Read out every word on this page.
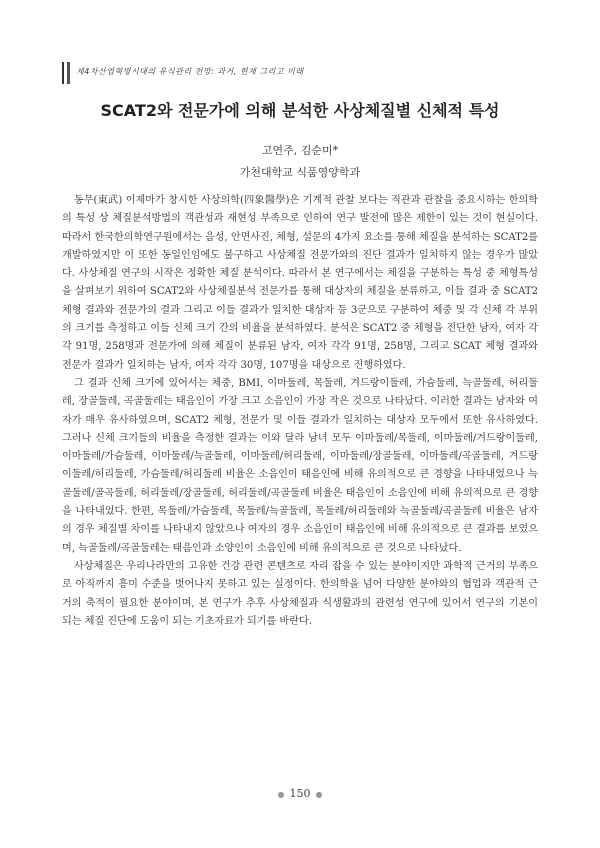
제4차산업혁명시대의 유식관리 전망: 과거, 현재 그리고 미래
SCAT2와 전문가에 의해 분석한 사상체질별 신체적 특성
고연주, 김순미*
가천대학교 식품영양학과

동무(東武) 이제마가 창시한 사상의학(四象醫學)은 기계적 관찰 보다는 직관과 관찰을 중요시하는 한의학의 특성 상 체질분석방법의 객관성과 재현성 부족으로 인하여 연구 발전에 많은 제한이 있는 것이 현실이다. 따라서 한국한의학연구원에서는 음성, 안면사진, 체형, 설문의 4가지 요소를 통해 체질을 분석하는 SCAT2를 개발하였지만 이 또한 동일인임에도 불구하고 사상체질 전문가와의 진단 결과가 일치하지 않는 경우가 많았다. 사상체질 연구의 시작은 정확한 체질 분석이다. 따라서 본 연구에서는 체질을 구분하는 특성 중 체형특성을 살펴보기 위하여 SCAT2와 사상체질분석 전문가를 통해 대상자의 체질을 분류하고, 이들 결과 중 SCAT2 체형 결과와 전문가의 결과 그리고 이들 결과가 일치한 대상자 등 3군으로 구분하여 체중 및 각 신체 각 부위의 크기를 측정하고 이들 신체 크기 간의 비율을 분석하였다. 분석은 SCAT2 중 체형을 진단한 남자, 여자 각각 91명, 258명과 전문가에 의해 체질이 분류된 남자, 여자 각각 91명, 258명, 그리고 SCAT 체형 결과와 전문가 결과가 일치하는 남자, 여자 각각 30명, 107명을 대상으로 진행하였다.

그 결과 신체 크기에 있어서는 체중, BMI, 이마둘레, 목둘레, 겨드랑이둘레, 가슴둘레, 늑골둘레, 허리둘레, 장골둘레, 곡골둘레는 태음인이 가장 크고 소음인이 가장 작은 것으로 나타났다. 이러한 결과는 남자와 여자가 매우 유사하였으며, SCAT2 체형, 전문가 및 이들 결과가 일치하는 대상자 모두에서 또한 유사하였다. 그러나 신체 크기들의 비율을 측정한 결과는 이와 달라 남녀 모두 이마둘레/목둘레, 이마둘레/겨드랑이둘레, 이마둘레/가슴둘레, 이마둘레/늑골둘레, 이마둘레/허리둘레, 이마둘레/장골둘레, 이마둘레/곡골둘레, 겨드랑이둘레/허리둘레, 가슴둘레/허리둘레 비율은 소음인이 태음인에 비해 유의적으로 큰 경향을 나타내었으나 늑골둘레/골곡둘레, 허리둘레/장골둘레, 허리둘레/곡골둘레 비율은 태음인이 소음인에 비해 유의적으로 큰 경향을 나타내었다. 한편, 목둘레/가슴둘레, 목둘레/늑골둘레, 목둘레/허리둘레와 늑골둘레/곡골둘레 비율은 남자의 경우 체질별 차이를 나타내지 않았으나 여자의 경우 소음인이 태음인에 비해 유의적으로 큰 결과를 보였으며, 늑골둘레/곡골둘레는 태음인과 소양인이 소음인에 비해 유의적으로 큰 것으로 나타났다.

사상체질은 우리나라만의 고유한 건강 관련 콘텐츠로 자리 잡을 수 있는 분야이지만 과학적 근거의 부족으로 아직까지 흥미 수준을 벗어나지 못하고 있는 실정이다. 한의학을 넘어 다양한 분야와의 협업과 객관적 근거의 축적이 필요한 분야이며, 본 연구가 추후 사상체질과 식생활과의 관련성 연구에 있어서 연구의 기본이 되는 체질 진단에 도움이 되는 기초자료가 되기를 바란다.

● 150 ●
